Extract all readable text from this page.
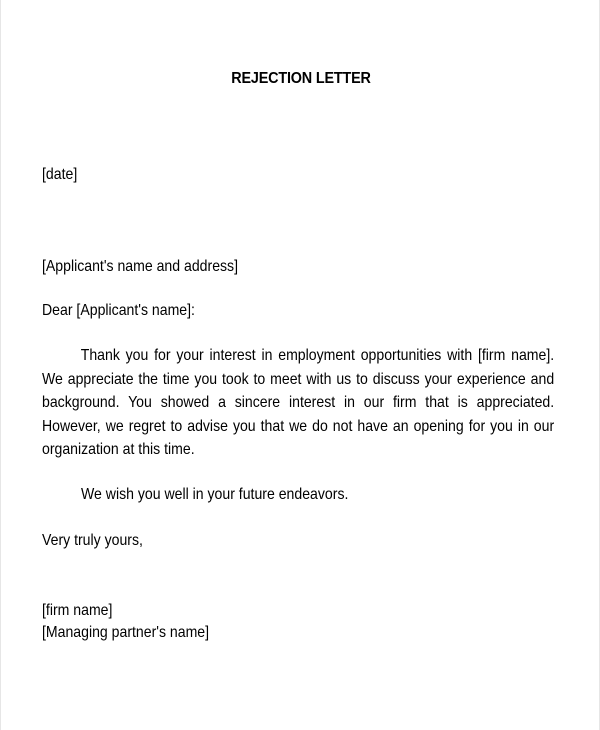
REJECTION LETTER
[date]
[Applicant's name and address]
Dear [Applicant's name]:
Thank you for your interest in employment opportunities with [firm name]. We appreciate the time you took to meet with us to discuss your experience and background. You showed a sincere interest in our firm that is appreciated. However, we regret to advise you that we do not have an opening for you in our organization at this time.
We wish you well in your future endeavors.
Very truly yours,
[firm name]
[Managing partner's name]
